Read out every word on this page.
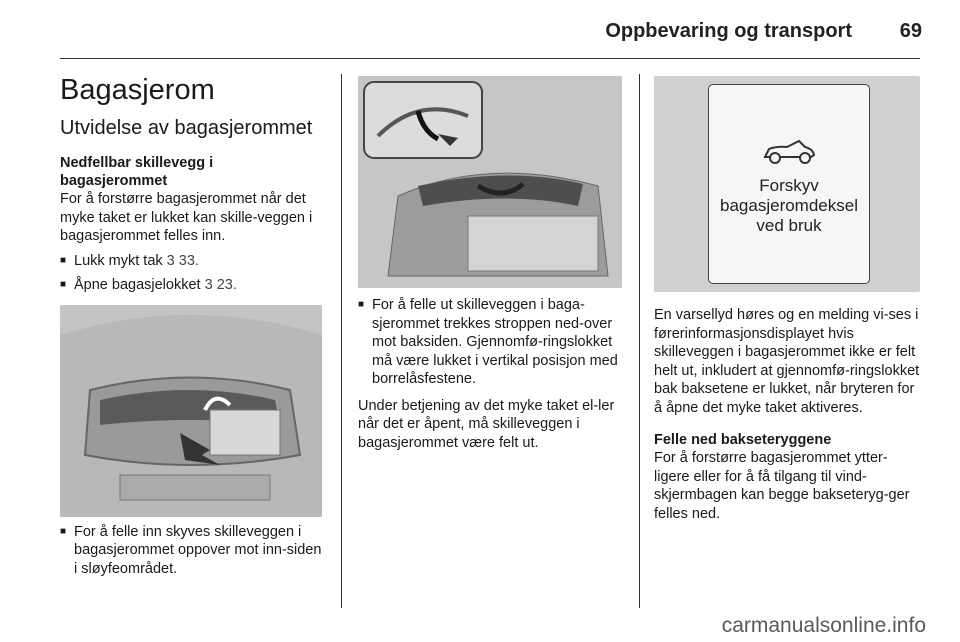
Oppbevaring og transport 69
Bagasjerom
Utvidelse av bagasjerommet
Nedfellbar skillevegg i bagasjerommet

For å forstørre bagasjerommet når det myke taket er lukket kan skille-veggen i bagasjerommet felles inn.

■ Lukk mykt tak 3 33.
■ Åpne bagasjelokket 3 23.
■ For å felle inn skyves skilleveggen i bagasjerommet oppover mot inn-siden i sløyfeområdet.
■ For å felle ut skilleveggen i baga-sjerommet trekkes stroppen ned-over mot baksiden. Gjennomfø-ringslokket må være lukket i vertikal posisjon med borrelåsfestene.

Under betjening av det myke taket el-ler når det er åpent, må skilleveggen i bagasjerommet være felt ut.

Forskyv
bagasjeromdeksel
ved bruk

En varsellyd høres og en melding vi-ses i førerinformasjonsdisplayet hvis skilleveggen i bagasjerommet ikke er felt helt ut, inkludert at gjennomfø-ringslokket bak baksetene er lukket, når bryteren for å åpne det myke taket aktiveres.

Felle ned bakseteryggene

For å forstørre bagasjerommet ytter-ligere eller for å få tilgang til vind-skjermbagen kan begge bakseteryg-ger felles ned.

carmanualsonline.info
